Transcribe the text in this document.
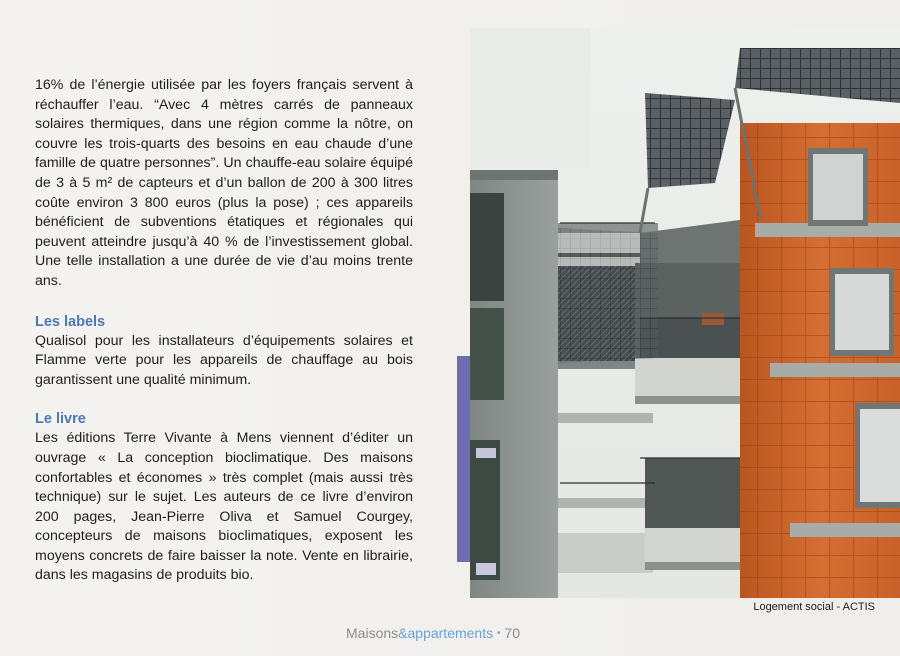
16% de l’énergie utilisée par les foyers français servent à réchauffer l’eau. “Avec 4 mètres carrés de panneaux solaires thermiques, dans une région comme la nôtre, on couvre les trois-quarts des besoins en eau chaude d’une famille de quatre personnes”. Un chauffe-eau solaire équipé de 3 à 5 m² de capteurs et d’un ballon de 200 à 300 litres coûte environ 3 800 euros (plus la pose) ; ces appareils bénéficient de subventions étatiques et régionales qui peuvent atteindre jusqu’à 40 % de l’investissement global. Une telle installation a une durée de vie d’au moins trente ans.

Les labels

Qualisol pour les installateurs d’équipements solaires et Flamme verte pour les appareils de chauffage au bois garantissent une qualité minimum.

Le livre

Les éditions Terre Vivante à Mens viennent d’éditer un ouvrage « La conception bioclimatique. Des maisons confortables et économes » très complet (mais aussi très technique) sur le sujet. Les auteurs de ce livre d’environ 200 pages, Jean-Pierre Oliva et Samuel Courgey, concepteurs de maisons bioclimatiques, exposent les moyens concrets de faire baisser la note. Vente en librairie, dans les magasins de produits bio.

Logement social - ACTIS
Maisons&appartements • 70
